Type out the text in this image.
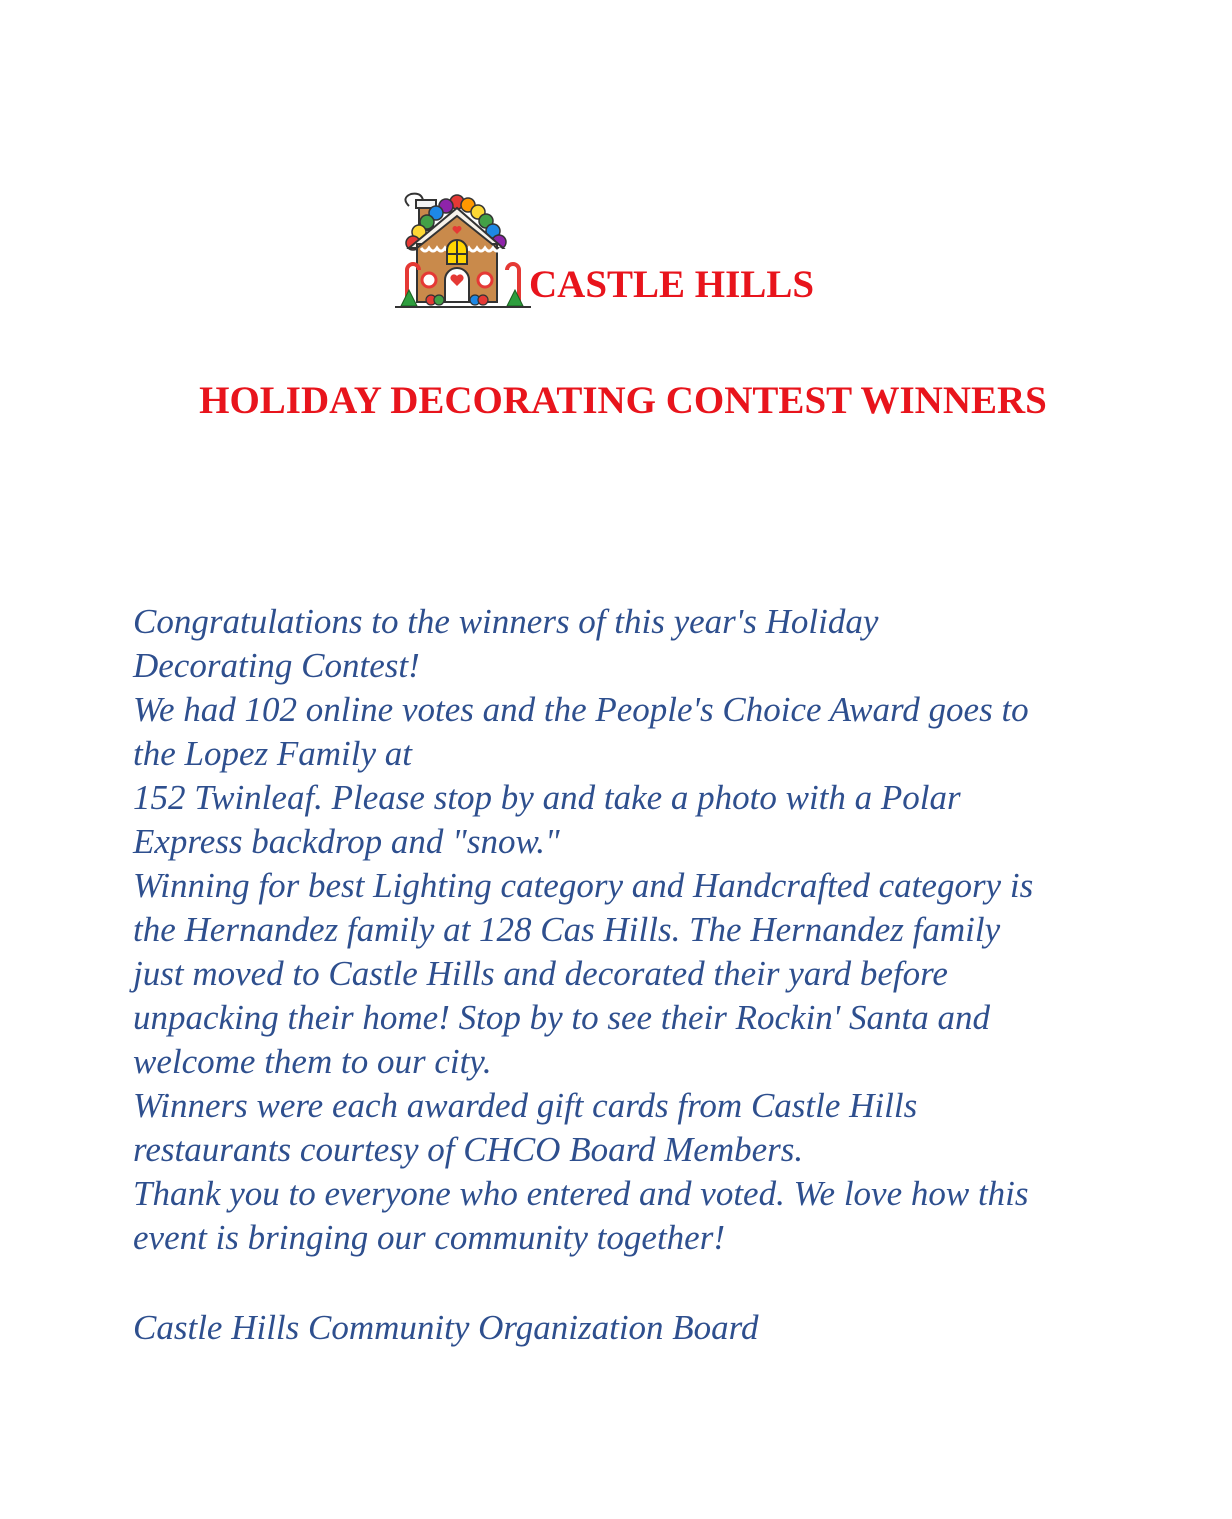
CASTLE HILLS
HOLIDAY DECORATING CONTEST WINNERS

Congratulations to the winners of this year's Holiday

Decorating Contest!

We had 102 online votes and the People's Choice Award goes to

the Lopez Family at

152 Twinleaf. Please stop by and take a photo with a Polar

Express backdrop and "snow."

Winning for best Lighting category and Handcrafted category is

the Hernandez family at 128 Cas Hills. The Hernandez family

just moved to Castle Hills and decorated their yard before

unpacking their home! Stop by to see their Rockin' Santa and

welcome them to our city.

Winners were each awarded gift cards from Castle Hills

restaurants courtesy of CHCO Board Members.

Thank you to everyone who entered and voted. We love how this

event is bringing our community together!

Castle Hills Community Organization Board
